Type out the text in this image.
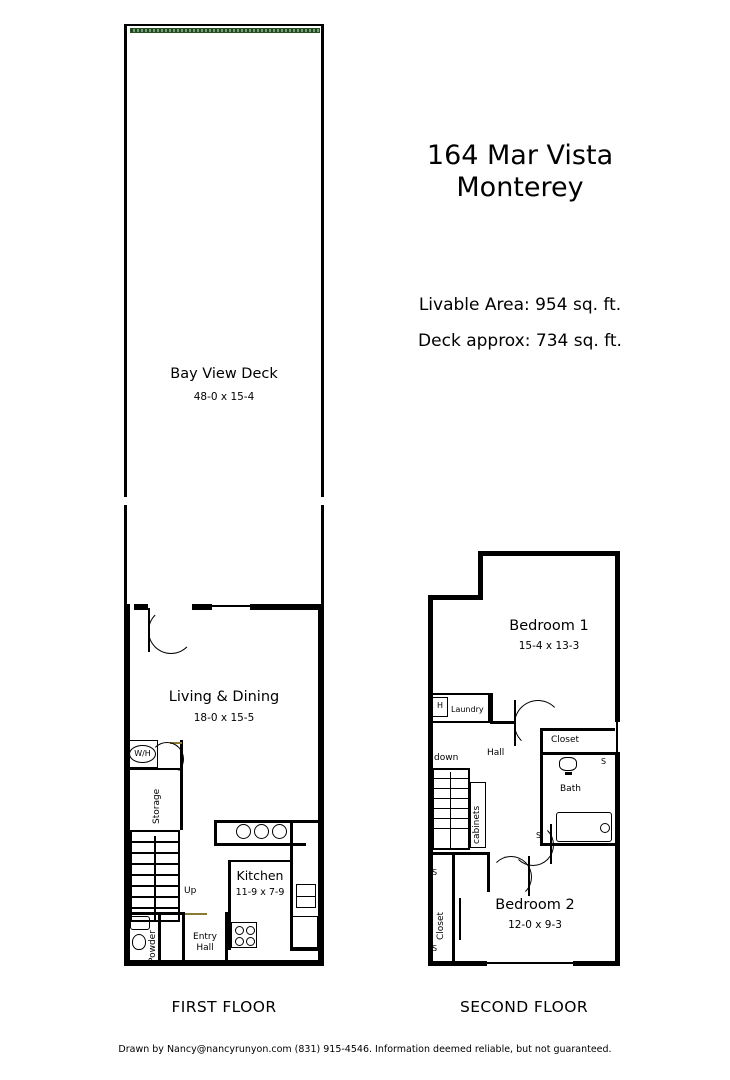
164 Mar Vista
Monterey
Livable Area: 954 sq. ft.
Deck approx: 734 sq. ft.
Bay View Deck
48-0 x 15-4
Living & Dining
18-0 x 15-5
W/H
Storage
Up
Powder	Entry
Hall
Kitchen
11-9 x 7-9
FIRST FLOOR
Bedroom 1
15-4 x 13-3
H	Laundry
Hall
Closet
S
Bath
S
down
cabinets
Closet
S
S
Bedroom 2
12-0 x 9-3
SECOND FLOOR
Drawn by Nancy@nancyrunyon.com (831) 915-4546. Information deemed reliable, but not guaranteed.
